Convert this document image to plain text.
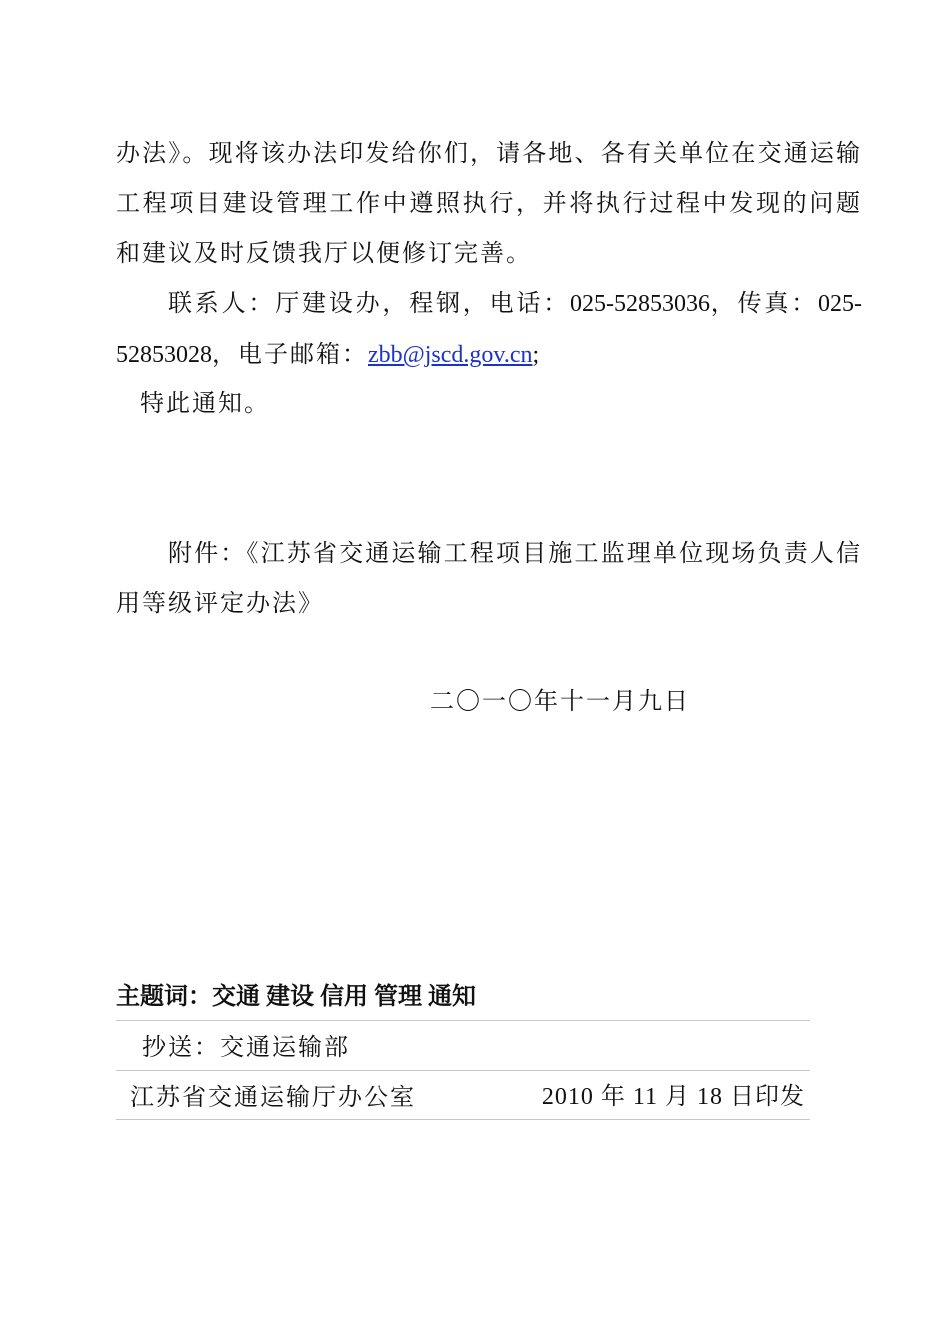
办法》。现将该办法印发给你们，请各地、各有关单位在交通运输工程项目建设管理工作中遵照执行，并将执行过程中发现的问题和建议及时反馈我厅以便修订完善。

联系人：厅建设办，程钢，电话：025-52853036，传真：025-52853028，电子邮箱：zbb@jscd.gov.cn;

特此通知。

附件：《江苏省交通运输工程项目施工监理单位现场负责人信用等级评定办法》

二〇一〇年十一月九日

主题词：交通 建设 信用 管理 通知

抄送：交通运输部

江苏省交通运输厅办公室	2010 年 11 月 18 日印发
